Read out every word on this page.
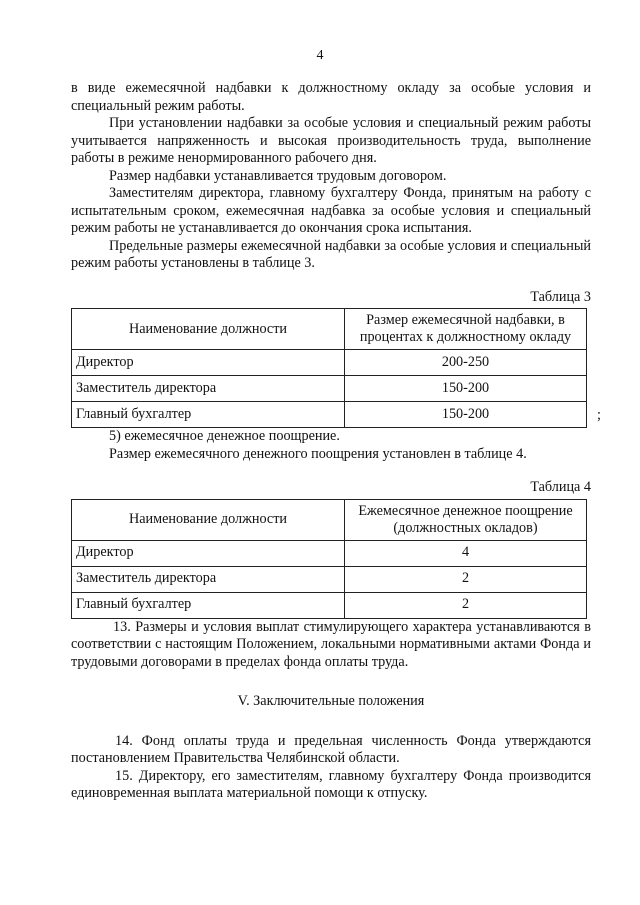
4

в виде ежемесячной надбавки к должностному окладу за особые условия и специальный режим работы.

При установлении надбавки за особые условия и специальный режим работы учитывается напряженность и высокая производительность труда, выполнение работы в режиме ненормированного рабочего дня.

Размер надбавки устанавливается трудовым договором.

Заместителям директора, главному бухгалтеру Фонда, принятым на работу с испытательным сроком, ежемесячная надбавка за особые условия и специальный режим работы не устанавливается до окончания срока испытания.

Предельные размеры ежемесячной надбавки за особые условия и специальный режим работы установлены в таблице 3.

Таблица 3

Наименование должности	Размер ежемесячной надбавки, в процентах к должностному окладу
Директор	200-250
Заместитель директора	150-200
Главный бухгалтер	150-200	;

5) ежемесячное денежное поощрение.

Размер ежемесячного денежного поощрения установлен в таблице 4.

Таблица 4

Наименование должности	Ежемесячное денежное поощрение (должностных окладов)
Директор	4
Заместитель директора	2
Главный бухгалтер	2

13. Размеры и условия выплат стимулирующего характера устанавливаются в соответствии с настоящим Положением, локальными нормативными актами Фонда и трудовыми договорами в пределах фонда оплаты труда.

V. Заключительные положения

14. Фонд оплаты труда и предельная численность Фонда утверждаются постановлением Правительства Челябинской области.

15. Директору, его заместителям, главному бухгалтеру Фонда производится единовременная выплата материальной помощи к отпуску.
